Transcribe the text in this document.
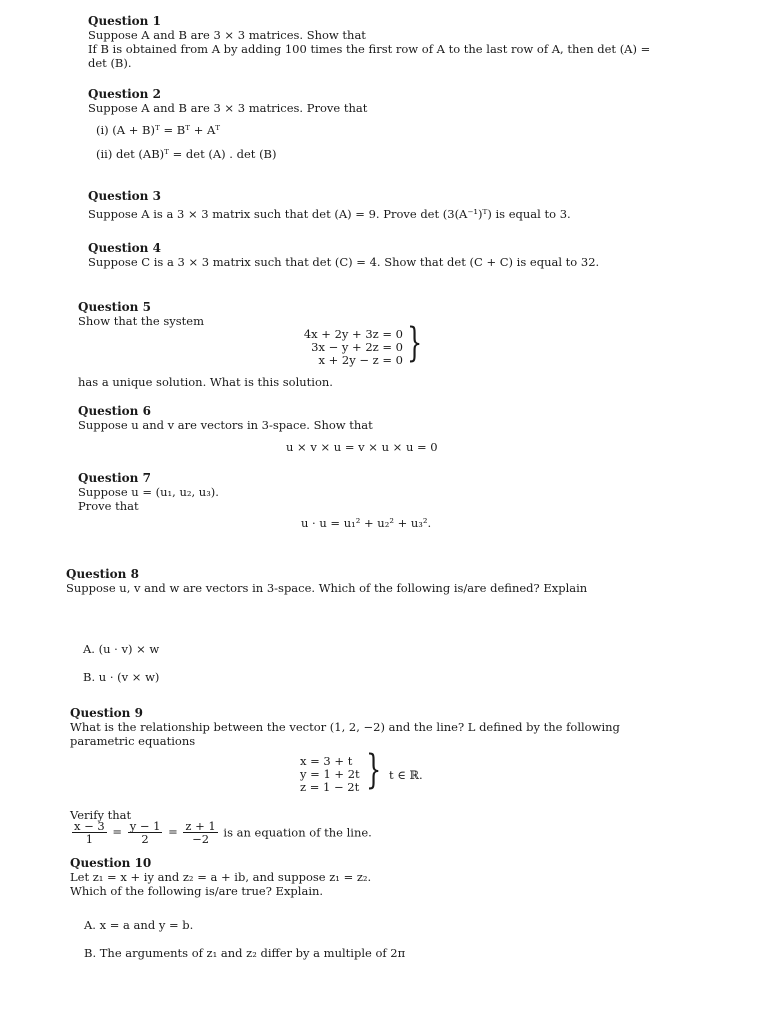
Question 1

Suppose A and B are 3 × 3 matrices. Show that

If B is obtained from A by adding 100 times the first row of A to the last row of A, then det (A) =

det (B).

Question 2

Suppose A and B are 3 × 3 matrices. Prove that

(i) (A + B)ᵀ = Bᵀ + Aᵀ

(ii) det (AB)ᵀ = det (A) . det (B)

Question 3

Suppose A is a 3 × 3 matrix such that det (A) = 9. Prove det (3(A⁻¹)ᵀ) is equal to 3.

Question 4

Suppose C is a 3 × 3 matrix such that det (C) = 4. Show that det (C + C) is equal to 32.

Question 5

Show that the system

4x + 2y + 3z = 0
3x − y + 2z = 0
x + 2y − z = 0 }

has a unique solution. What is this solution.

Question 6

Suppose u and v are vectors in 3-space. Show that

u × v × u = v × u × u = 0

Question 7

Suppose u = (u₁, u₂, u₃).

Prove that

u · u = u₁² + u₂² + u₃².

Question 8

Suppose u, v and w are vectors in 3-space. Which of the following is/are defined? Explain

A. (u · v) × w
B. u · (v × w)

Question 9

What is the relationship between the vector (1, 2, −2) and the line? L defined by the following

parametric equations

x = 3 + t
y = 1 + 2t
z = 1 − 2t } t ∈ ℝ.

Verify that

$\frac{x - 3}{1} = \frac{y - 1}{2} = \frac{z + 1}{-2}$ is an equation of the line.

Question 10

Let z₁ = x + iy and z₂ = a + ib, and suppose z₁ = z₂.

Which of the following is/are true? Explain.

A. x = a and y = b.
B. The arguments of z₁ and z₂ differ by a multiple of 2π
